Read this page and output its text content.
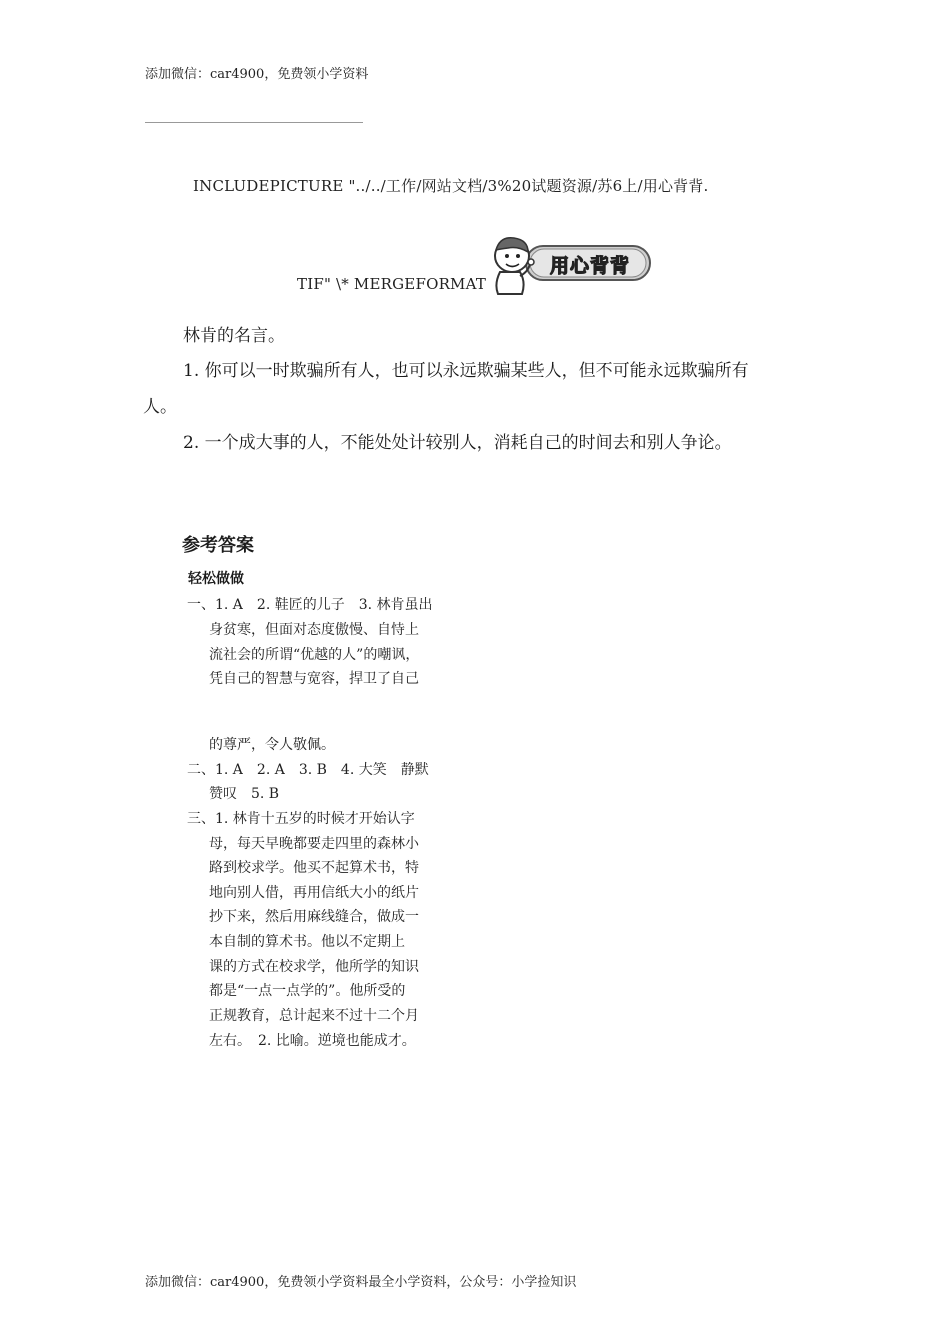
添加微信：car4900，免费领小学资料
INCLUDEPICTURE "../../工作/网站文档/3%20试题资源/苏6上/用心背背.
TIF" \* MERGEFORMAT
用心背背
林肯的名言。
1. 你可以一时欺骗所有人，也可以永远欺骗某些人，但不可能永远欺骗所有
人。
2. 一个成大事的人，不能处处计较别人，消耗自己的时间去和别人争论。
参考答案
轻松做做
一、1. A　2. 鞋匠的儿子　3. 林肯虽出
身贫寒，但面对态度傲慢、自恃上
流社会的所谓“优越的人”的嘲讽，
凭自己的智慧与宽容，捍卫了自己
的尊严，令人敬佩。
二、1. A　2. A　3. B　4. 大笑　静默
赞叹　5. B
三、1. 林肯十五岁的时候才开始认字
母，每天早晚都要走四里的森林小
路到校求学。他买不起算术书，特
地向别人借，再用信纸大小的纸片
抄下来，然后用麻线缝合，做成一
本自制的算术书。他以不定期上
课的方式在校求学，他所学的知识
都是“一点一点学的”。他所受的
正规教育，总计起来不过十二个月
左右。　2. 比喻。逆境也能成才。
添加微信：car4900，免费领小学资料最全小学资料，公众号：小学捡知识
